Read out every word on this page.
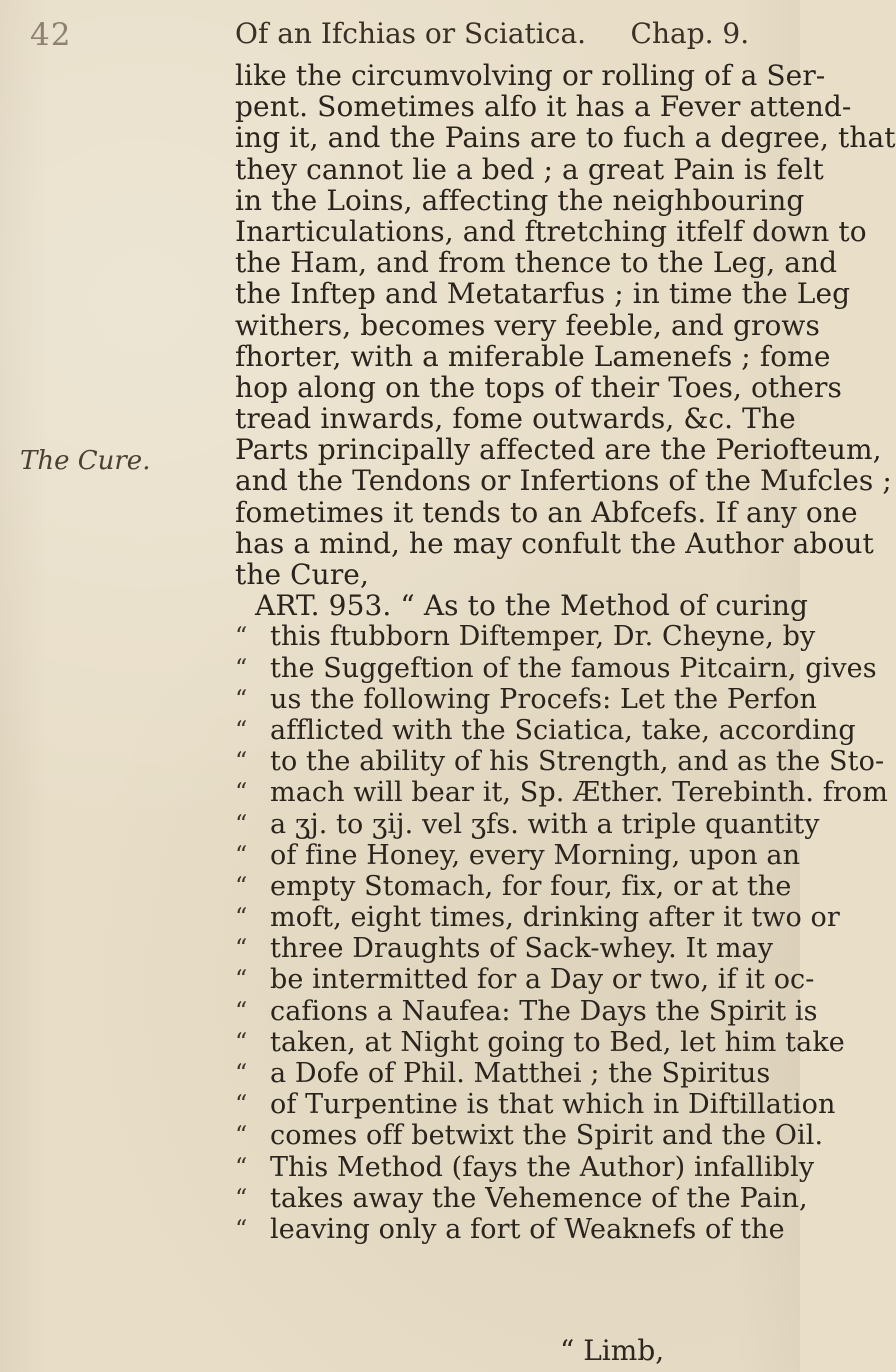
42	Of an Ifchias or Sciatica.     Chap. 9.
The Cure.
like the circumvolving or rolling of a Ser-
pent. Sometimes alfo it has a Fever attend-
ing it, and the Pains are to fuch a degree, that
they cannot lie a bed ; a great Pain is felt
in the Loins, affecting the neighbouring
Inarticulations, and ftretching itfelf down to
the Ham, and from thence to the Leg, and
the Inftep and Metatarfus ; in time the Leg
withers, becomes very feeble, and grows
fhorter, with a miferable Lamenefs ; fome
hop along on the tops of their Toes, others
tread inwards, fome outwards, &c. The
Parts principally affected are the Periofteum,
and the Tendons or Infertions of the Mufcles ;
fometimes it tends to an Abfcefs. If any one
has a mind, he may confult the Author about
the Cure,
ART. 953. “ As to the Method of curing
“ this ftubborn Diftemper, Dr. Cheyne, by
“ the Suggeftion of the famous Pitcairn, gives
“ us the following Procefs: Let the Perfon
“ afflicted with the Sciatica, take, according
“ to the ability of his Strength, and as the Sto-
“ mach will bear it, Sp. Æther. Terebinth. from
“ a ʒj. to ʒij. vel ʒfs. with a triple quantity
“ of fine Honey, every Morning, upon an
“ empty Stomach, for four, fix, or at the
“ moft, eight times, drinking after it two or
“ three Draughts of Sack-whey. It may
“ be intermitted for a Day or two, if it oc-
“ cafions a Naufea: The Days the Spirit is
“ taken, at Night going to Bed, let him take
“ a Dofe of Phil. Matthei ; the Spiritus
“ of Turpentine is that which in Diftillation
“ comes off betwixt the Spirit and the Oil.
“ This Method (fays the Author) infallibly
“ takes away the Vehemence of the Pain,
“ leaving only a fort of Weaknefs of the
“ Limb,
